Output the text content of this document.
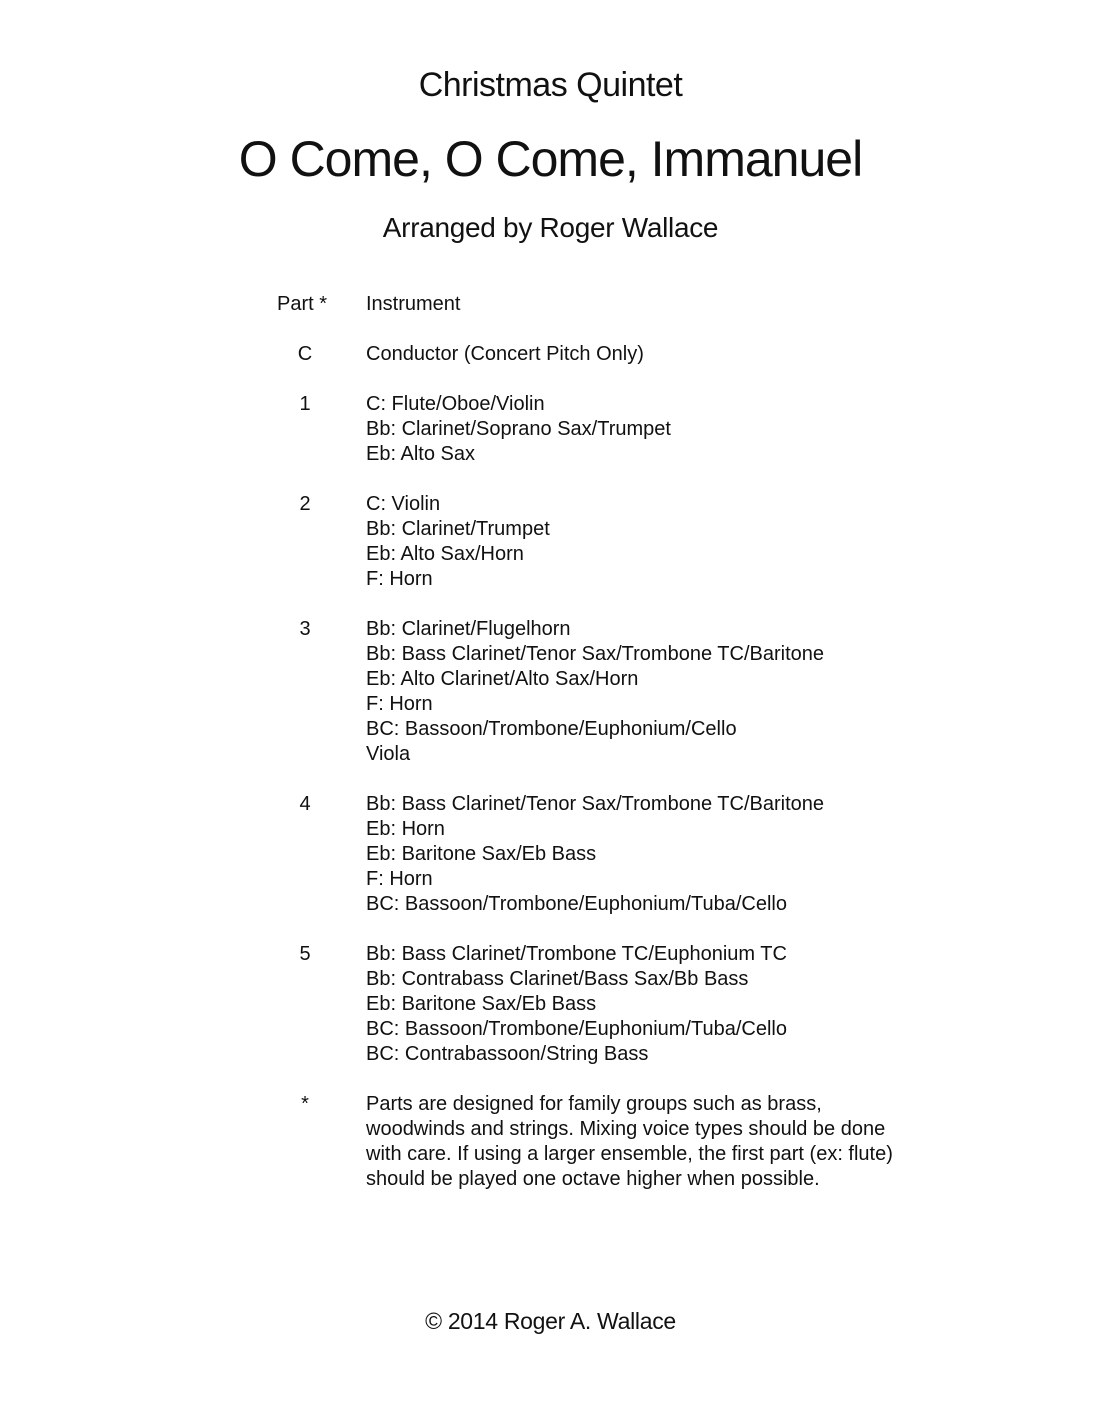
Christmas Quintet
O Come, O Come, Immanuel
Arranged by Roger Wallace
Part *	Instrument
C	Conductor (Concert Pitch Only)
1	C: Flute/Oboe/Violin
Bb: Clarinet/Soprano Sax/Trumpet
Eb: Alto Sax
2	C: Violin
Bb: Clarinet/Trumpet
Eb: Alto Sax/Horn
F: Horn
3	Bb: Clarinet/Flugelhorn
Bb: Bass Clarinet/Tenor Sax/Trombone TC/Baritone
Eb: Alto Clarinet/Alto Sax/Horn
F: Horn
BC: Bassoon/Trombone/Euphonium/Cello
Viola
4	Bb: Bass Clarinet/Tenor Sax/Trombone TC/Baritone
Eb: Horn
Eb: Baritone Sax/Eb Bass
F: Horn
BC: Bassoon/Trombone/Euphonium/Tuba/Cello
5	Bb: Bass Clarinet/Trombone TC/Euphonium TC
Bb: Contrabass Clarinet/Bass Sax/Bb Bass
Eb: Baritone Sax/Eb Bass
BC: Bassoon/Trombone/Euphonium/Tuba/Cello
BC: Contrabassoon/String Bass
*	Parts are designed for family groups such as brass, woodwinds and strings. Mixing voice types should be done with care. If using a larger ensemble, the first part (ex: flute) should be played one octave higher when possible.
© 2014 Roger A. Wallace
